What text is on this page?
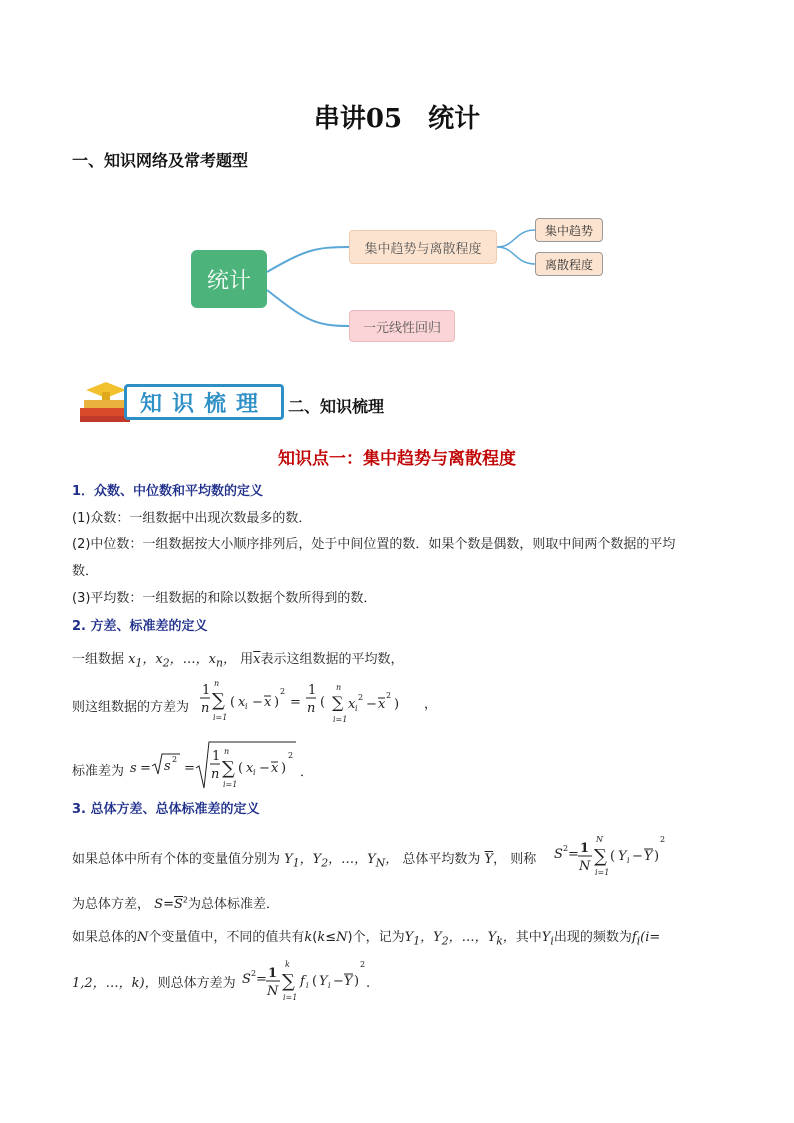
串讲05　统计
一、知识网络及常考题型
统计
集中趋势与离散程度
一元线性回归
集中趋势
离散程度
知识梳理	二、知识梳理
知识点一：集中趋势与离散程度
1．众数、中位数和平均数的定义
(1)众数：一组数据中出现次数最多的数．
(2)中位数：一组数据按大小顺序排列后，处于中间位置的数．如果个数是偶数，则取中间两个数据的平均
数．
(3)平均数：一组数据的和除以数据个数所得到的数．
2. 方差、标准差的定义
一组数据 $x_1$，$x_2$，…，$x_n$， 用$\overline{x}$表示这组数据的平均数，
则这组数据的方差为
1
n
n
∑
i=1
( x i − x )
2
=
1
n (
n
∑
i=1
x i
2 − x
2
) ，
标准差为 s = s 2
=
1
n
n
∑
i=1
( x i − x )
2
．
3. 总体方差、总体标准差的定义
如果总体中所有个体的变量值分别为 $Y_1$，$Y_2$，…，$Y_N$， 总体平均数为 $\overline{Y}$， 则称 S 2 = 1
N
N
∑
i=1
( Y i − Y )
2
为总体方差， $S=S^2$为总体标准差．
如果总体的N个变量值中，不同的值共有k(k≤N)个，记为$Y_1$，$Y_2$，…，$Y_k$，其中$Y_i$出现的频数为$f_i(i=$
1,2，…，k)，则总体方差为 S 2 = 1
N
k
∑
i=1
f i ( Y i − Y )
2
.
